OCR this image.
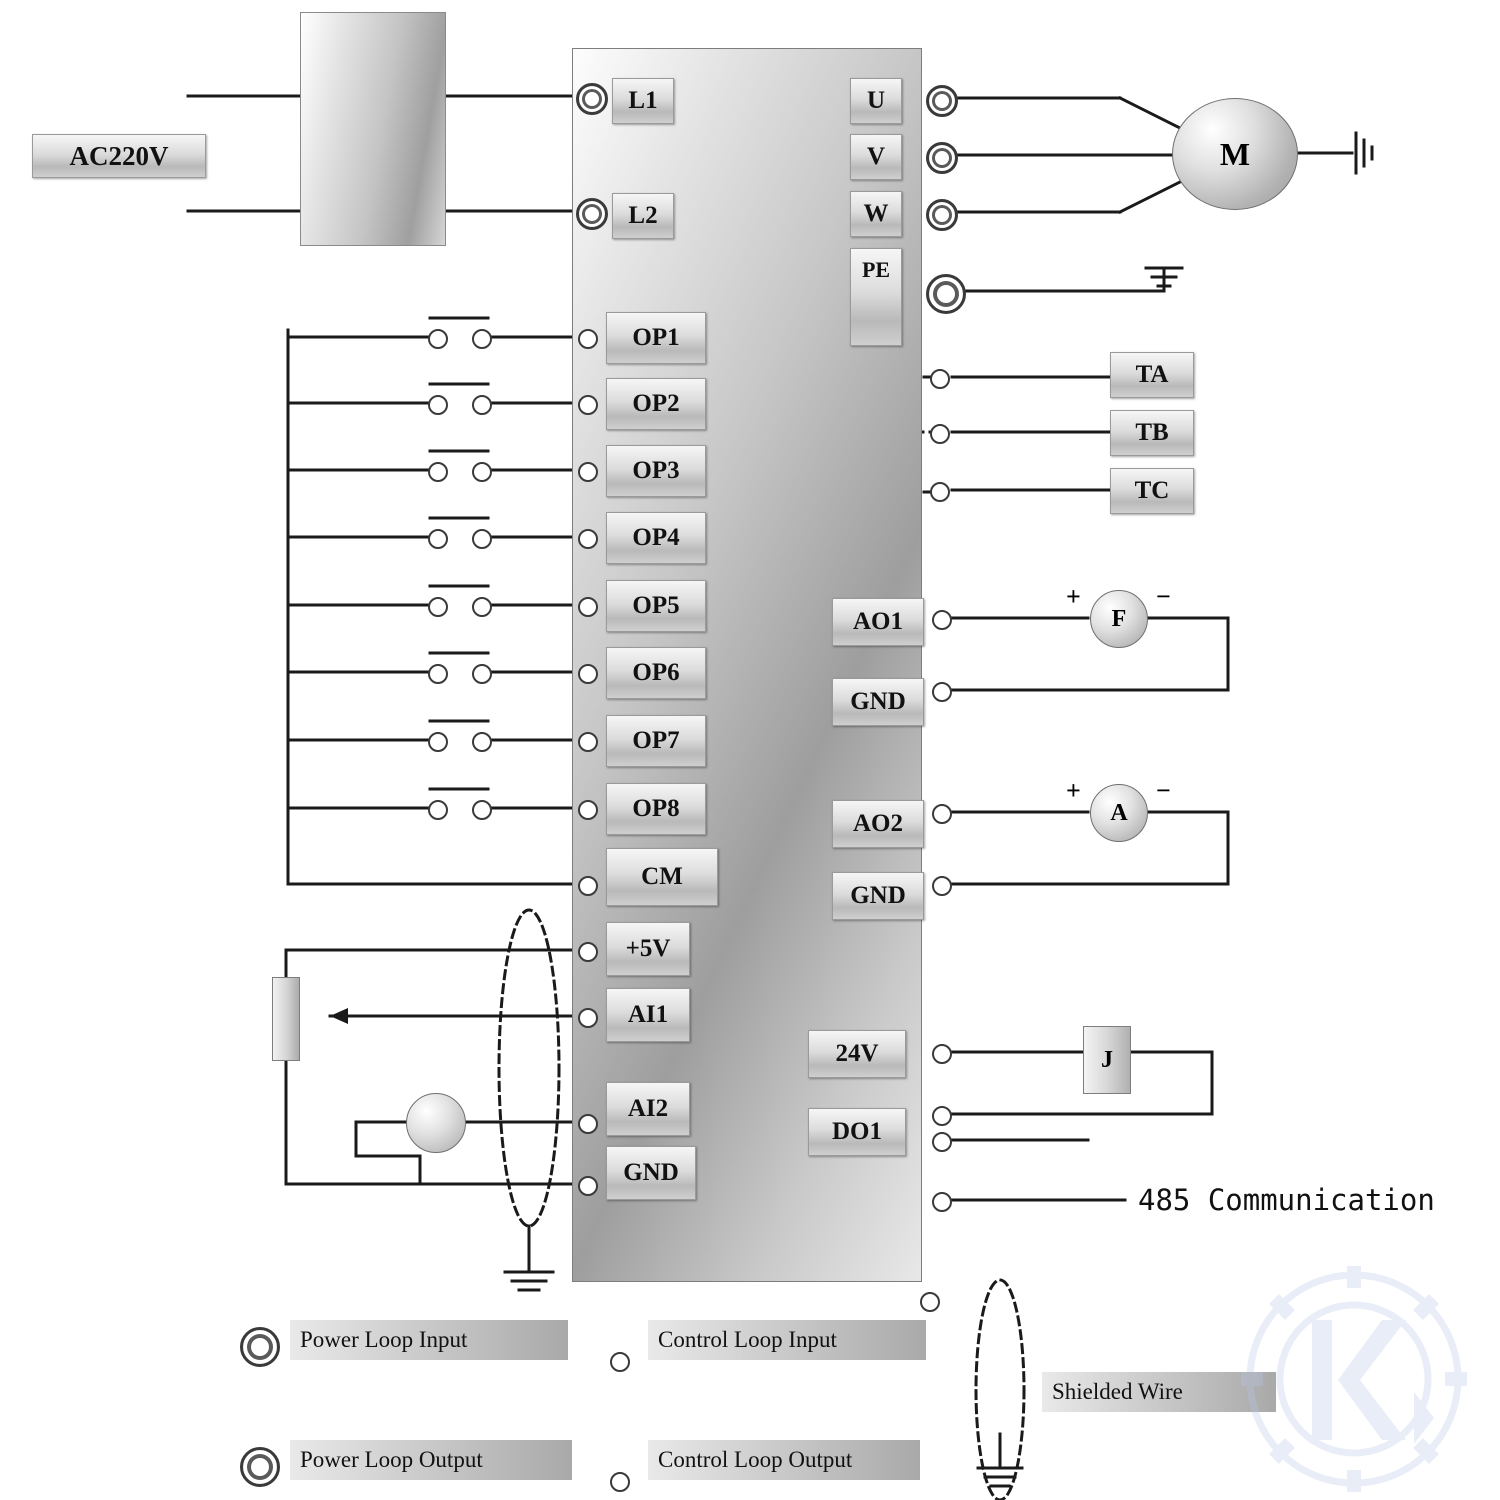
AC220V	M
L1
L2
U
V
W
PE
OP1
OP2
OP3
OP4
OP5
OP6
OP7
OP8
CM
+5V
AI1
AI2
GND
TA
TB
TC
AO1
GND
AO2
GND
F
+	−
A
+	−
24V
DO1
J
485 Communication
Power Loop Input	Control Loop Input
Power Loop Output	Control Loop Output
Shielded Wire
